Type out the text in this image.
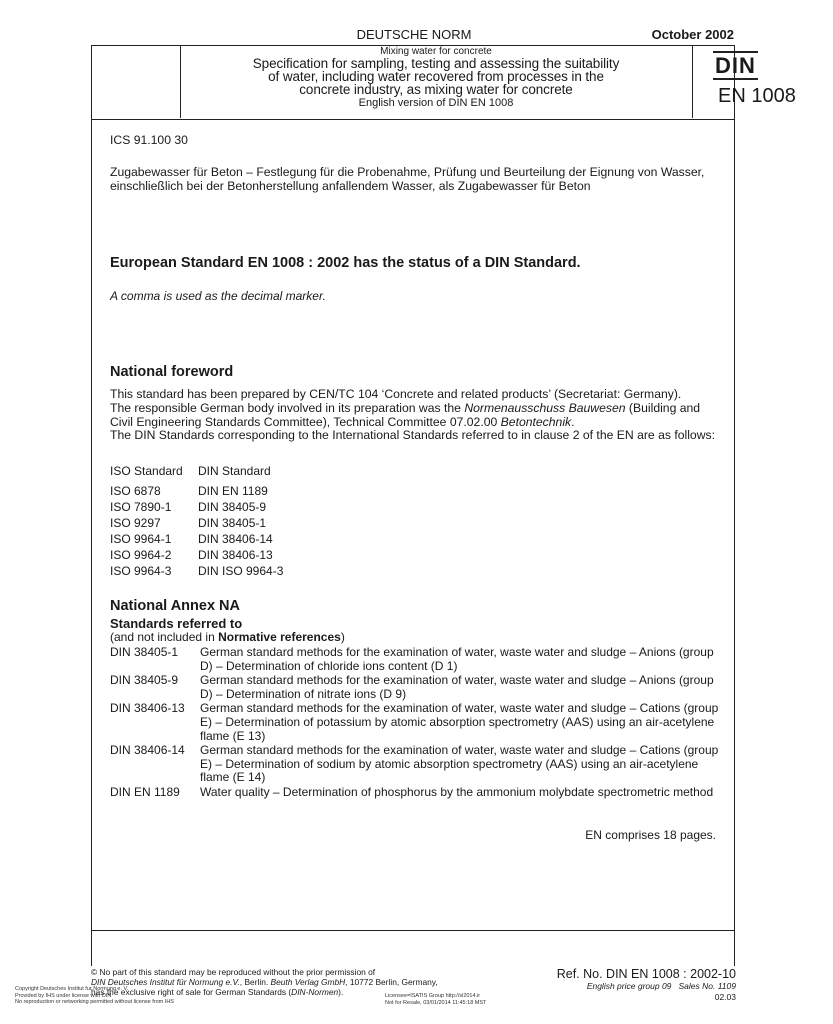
DEUTSCHE NORM	October 2002
Mixing water for concrete
Specification for sampling, testing and assessing the suitability
of water, including water recovered from processes in the
concrete industry, as mixing water for concrete
English version of DIN EN 1008
DIN
EN 1008
ICS 91.100 30
Zugabewasser für Beton – Festlegung für die Probenahme, Prüfung und Beurteilung der Eignung von Wasser, einschließlich bei der Betonherstellung anfallendem Wasser, als Zugabewasser für Beton
European Standard EN 1008 : 2002 has the status of a DIN Standard.
A comma is used as the decimal marker.
National foreword
This standard has been prepared by CEN/TC 104 ‘Concrete and related products’ (Secretariat: Germany).
The responsible German body involved in its preparation was the Normenausschuss Bauwesen (Building and Civil Engineering Standards Committee), Technical Committee 07.02.00 Betontechnik.
The DIN Standards corresponding to the International Standards referred to in clause 2 of the EN are as follows:
ISO Standard	DIN Standard
ISO 6878	DIN EN 1189
ISO 7890-1	DIN 38405-9
ISO 9297	DIN 38405-1
ISO 9964-1	DIN 38406-14
ISO 9964-2	DIN 38406-13
ISO 9964-3	DIN ISO 9964-3
National Annex NA
Standards referred to
(and not included in Normative references)
DIN 38405-1	German standard methods for the examination of water, waste water and sludge – Anions (group D) – Determination of chloride ions content (D 1)
DIN 38405-9	German standard methods for the examination of water, waste water and sludge – Anions (group D) – Determination of nitrate ions (D 9)
DIN 38406-13	German standard methods for the examination of water, waste water and sludge – Cations (group E) – Determination of potassium by atomic absorption spectrometry (AAS) using an air-acetylene flame (E 13)
DIN 38406-14	German standard methods for the examination of water, waste water and sludge – Cations (group E) – Determination of sodium by atomic absorption spectrometry (AAS) using an air-acetylene flame (E 14)
DIN EN 1189	Water quality – Determination of phosphorus by the ammonium molybdate spectrometric method
EN comprises 18 pages.
© No part of this standard may be reproduced without the prior permission of
DIN Deutsches Institut für Normung e.V., Berlin. Beuth Verlag GmbH, 10772 Berlin, Germany,
has the exclusive right of sale for German Standards (DIN-Normen).
Copyright Deutsches Institut fur Normung e. V.
Provided by IHS under license with DIN
No reproduction or networking permitted without license from IHS
Licensee=ISATIS Group http://sl2014.ir
Not for Resale, 03/01/2014 11:45:18 MST
Ref. No. DIN EN 1008 : 2002-10
English price group 09 Sales No. 1109
02.03
